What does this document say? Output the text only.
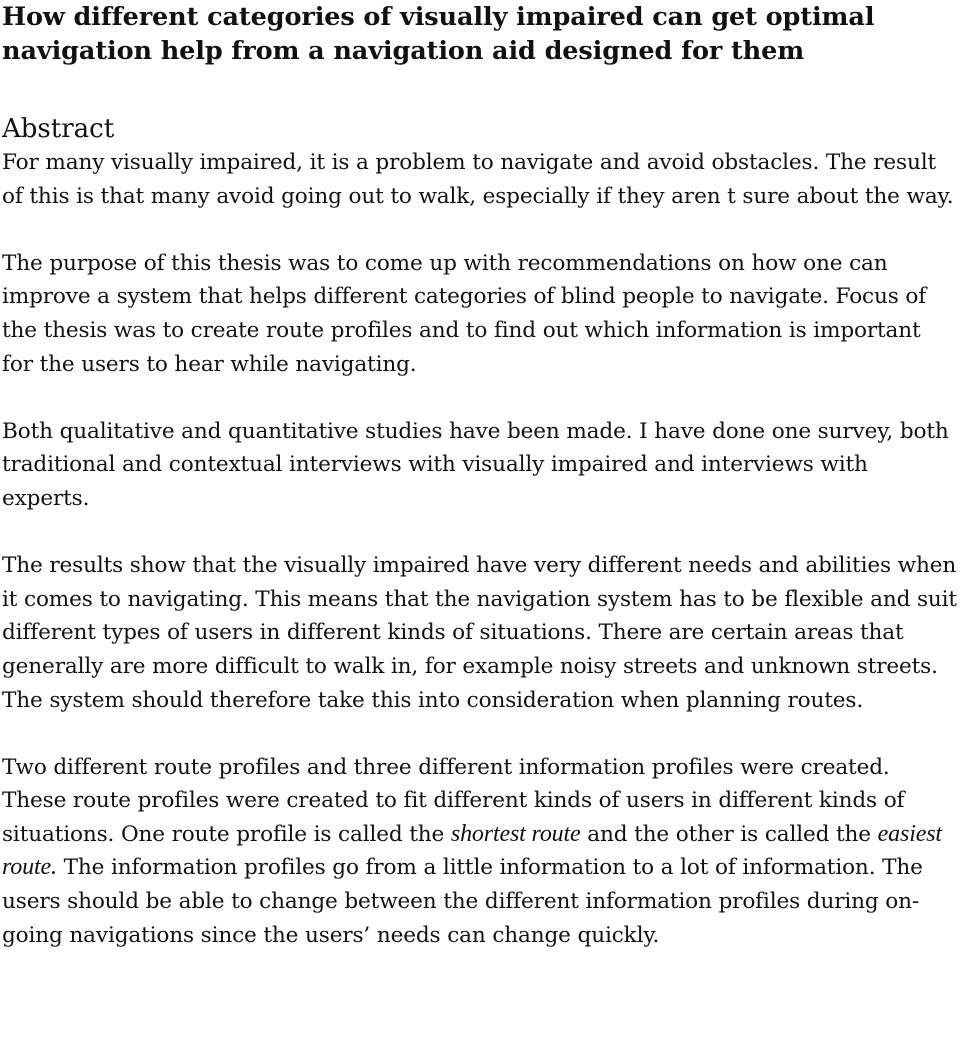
How different categories of visually impaired can get optimal
navigation help from a navigation aid designed for them
Abstract

For many visually impaired, it is a problem to navigate and avoid obstacles. The result of this is that many avoid going out to walk, especially if they aren t sure about the way.

The purpose of this thesis was to come up with recommendations on how one can improve a system that helps different categories of blind people to navigate. Focus of the thesis was to create route profiles and to find out which information is important for the users to hear while navigating.

Both qualitative and quantitative studies have been made. I have done one survey, both traditional and contextual interviews with visually impaired and interviews with experts.

The results show that the visually impaired have very different needs and abilities when it comes to navigating. This means that the navigation system has to be flexible and suit different types of users in different kinds of situations. There are certain areas that generally are more difficult to walk in, for example noisy streets and unknown streets. The system should therefore take this into consideration when planning routes.

Two different route profiles and three different information profiles were created. These route profiles were created to fit different kinds of users in different kinds of situations. One route profile is called the shortest route and the other is called the easiest route. The information profiles go from a little information to a lot of information. The users should be able to change between the different information profiles during on-going navigations since the users’ needs can change quickly.
